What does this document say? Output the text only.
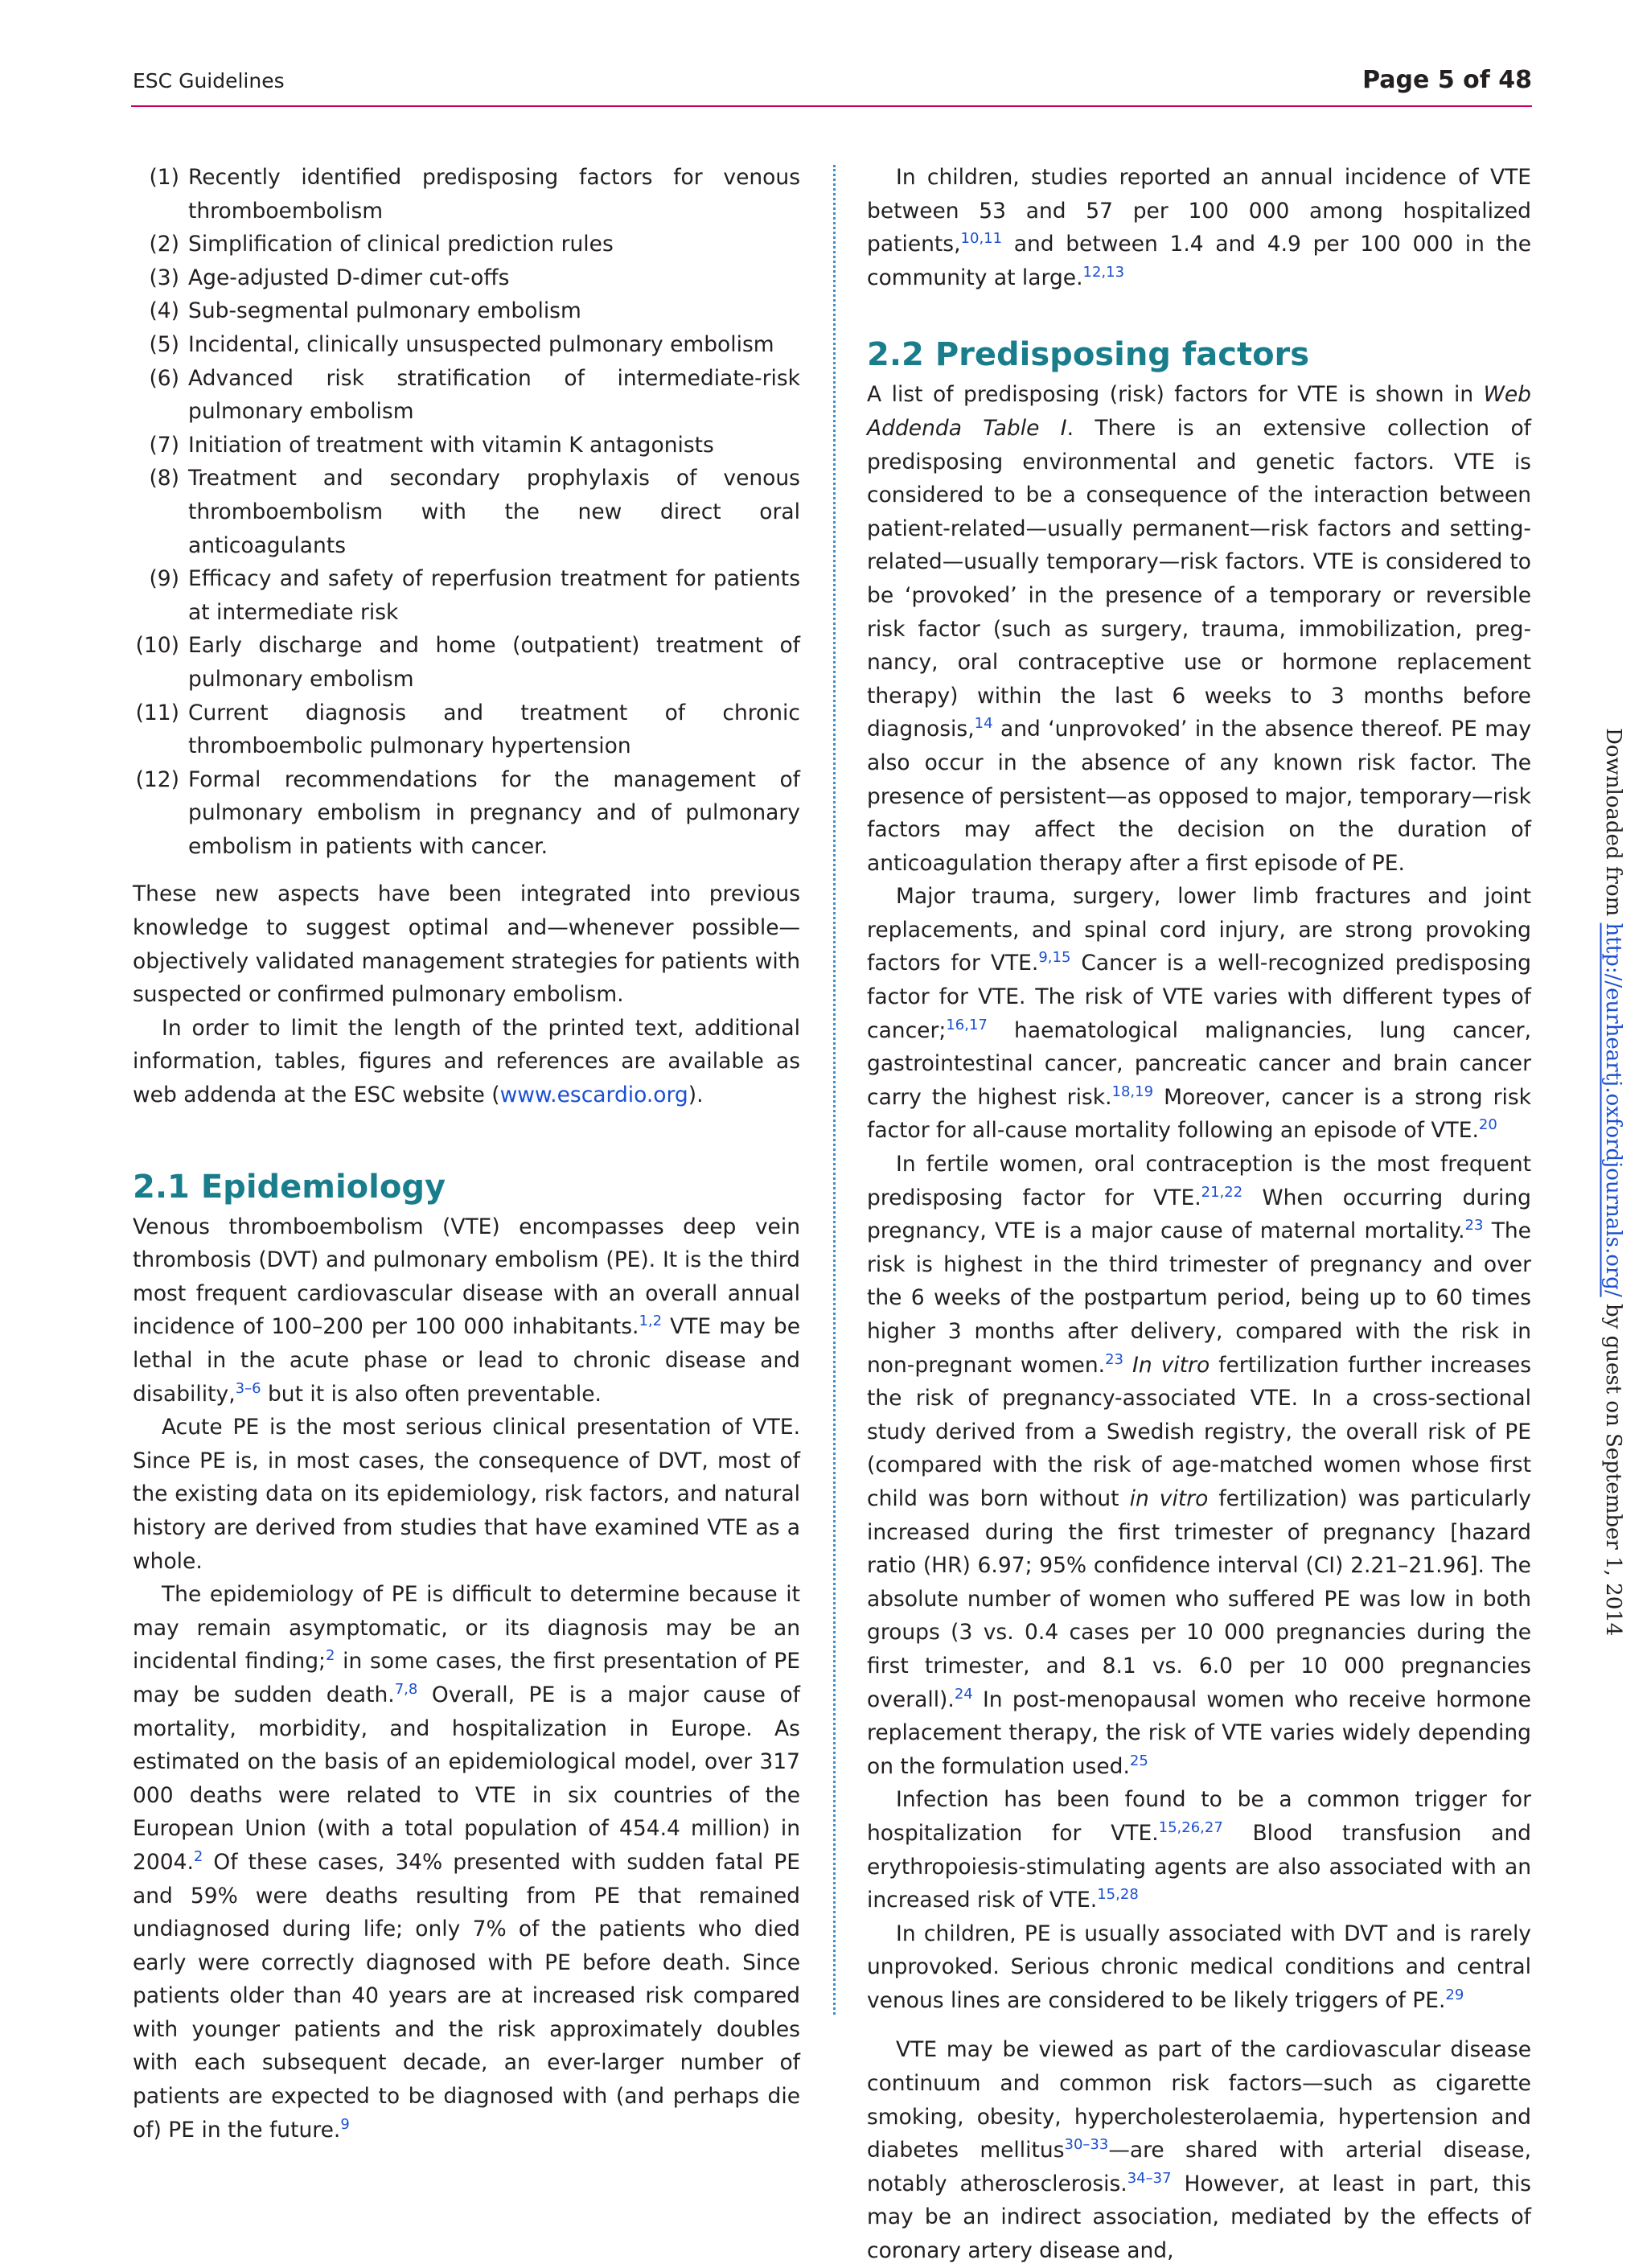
ESC Guidelines	Page 5 of 48
(1) Recently identified predisposing factors for venous thromboembolism
(2) Simplification of clinical prediction rules
(3) Age-adjusted D-dimer cut-offs
(4) Sub-segmental pulmonary embolism
(5) Incidental, clinically unsuspected pulmonary embolism
(6) Advanced risk stratification of intermediate-risk pulmonary embolism
(7) Initiation of treatment with vitamin K antagonists
(8) Treatment and secondary prophylaxis of venous thromboembolism with the new direct oral anticoagulants
(9) Efficacy and safety of reperfusion treatment for patients at intermediate risk
(10) Early discharge and home (outpatient) treatment of pulmonary embolism
(11) Current diagnosis and treatment of chronic thromboembolic pulmonary hypertension
(12) Formal recommendations for the management of pulmonary embolism in pregnancy and of pulmonary embolism in patients with cancer.

These new aspects have been integrated into previous knowledge to suggest optimal and—whenever possible—objectively validated management strategies for patients with suspected or confirmed pulmonary embolism.

In order to limit the length of the printed text, additional information, tables, figures and references are available as web addenda at the ESC website (www.escardio.org).

2.1 Epidemiology

Venous thromboembolism (VTE) encompasses deep vein thrombosis (DVT) and pulmonary embolism (PE). It is the third most frequent cardiovascular disease with an overall annual incidence of 100–200 per 100 000 inhabitants.$^{1,2}$ VTE may be lethal in the acute phase or lead to chronic disease and disability,$^{3-6}$ but it is also often preventable.

Acute PE is the most serious clinical presentation of VTE. Since PE is, in most cases, the consequence of DVT, most of the existing data on its epidemiology, risk factors, and natural history are derived from studies that have examined VTE as a whole.

The epidemiology of PE is difficult to determine because it may remain asymptomatic, or its diagnosis may be an incidental finding;$^2$ in some cases, the first presentation of PE may be sudden death.$^{7,8}$ Overall, PE is a major cause of mortality, morbidity, and hospitalization in Europe. As estimated on the basis of an epidemiological model, over 317 000 deaths were related to VTE in six countries of the European Union (with a total population of 454.4 million) in 2004.$^2$ Of these cases, 34% presented with sudden fatal PE and 59% were deaths resulting from PE that remained undiagnosed during life; only 7% of the patients who died early were correctly diagnosed with PE before death. Since patients older than 40 years are at increased risk compared with younger patients and the risk approximately doubles with each subsequent decade, an ever-larger number of patients are expected to be diagnosed with (and perhaps die of) PE in the future.$^9$

In children, studies reported an annual incidence of VTE between 53 and 57 per 100 000 among hospitalized patients,$^{10,11}$ and between 1.4 and 4.9 per 100 000 in the community at large.$^{12,13}$

2.2 Predisposing factors

A list of predisposing (risk) factors for VTE is shown in Web Addenda Table I. There is an extensive collection of predisposing environmental and genetic factors. VTE is considered to be a consequence of the interaction between patient-related—usually permanent—risk factors and setting-related—usually temporary—risk factors. VTE is considered to be ‘provoked’ in the presence of a temporary or reversible risk factor (such as surgery, trauma, immobilization, pregnancy, oral contraceptive use or hormone replacement therapy) within the last 6 weeks to 3 months before diagnosis,$^{14}$ and ‘unprovoked’ in the absence thereof. PE may also occur in the absence of any known risk factor. The presence of persistent—as opposed to major, temporary—risk factors may affect the decision on the duration of anticoagulation therapy after a first episode of PE.

Major trauma, surgery, lower limb fractures and joint replacements, and spinal cord injury, are strong provoking factors for VTE.$^{9,15}$ Cancer is a well-recognized predisposing factor for VTE. The risk of VTE varies with different types of cancer;$^{16,17}$ haematological malignancies, lung cancer, gastrointestinal cancer, pancreatic cancer and brain cancer carry the highest risk.$^{18,19}$ Moreover, cancer is a strong risk factor for all-cause mortality following an episode of VTE.$^{20}$

In fertile women, oral contraception is the most frequent predisposing factor for VTE.$^{21,22}$ When occurring during pregnancy, VTE is a major cause of maternal mortality.$^{23}$ The risk is highest in the third trimester of pregnancy and over the 6 weeks of the postpartum period, being up to 60 times higher 3 months after delivery, compared with the risk in non-pregnant women.$^{23}$ In vitro fertilization further increases the risk of pregnancy-associated VTE. In a cross-sectional study derived from a Swedish registry, the overall risk of PE (compared with the risk of age-matched women whose first child was born without in vitro fertilization) was particularly increased during the first trimester of pregnancy [hazard ratio (HR) 6.97; 95% confidence interval (CI) 2.21–21.96]. The absolute number of women who suffered PE was low in both groups (3 vs. 0.4 cases per 10 000 pregnancies during the first trimester, and 8.1 vs. 6.0 per 10 000 pregnancies overall).$^{24}$ In post-menopausal women who receive hormone replacement therapy, the risk of VTE varies widely depending on the formulation used.$^{25}$

Infection has been found to be a common trigger for hospitalization for VTE.$^{15,26,27}$ Blood transfusion and erythropoiesis-stimulating agents are also associated with an increased risk of VTE.$^{15,28}$

In children, PE is usually associated with DVT and is rarely unprovoked. Serious chronic medical conditions and central venous lines are considered to be likely triggers of PE.$^{29}$

VTE may be viewed as part of the cardiovascular disease continuum and common risk factors—such as cigarette smoking, obesity, hypercholesterolaemia, hypertension and diabetes mellitus$^{30-33}$—are shared with arterial disease, notably atherosclerosis.$^{34-37}$ However, at least in part, this may be an indirect association, mediated by the effects of coronary artery disease and,

Downloaded from http://eurheartj.oxfordjournals.org/ by guest on September 1, 2014
